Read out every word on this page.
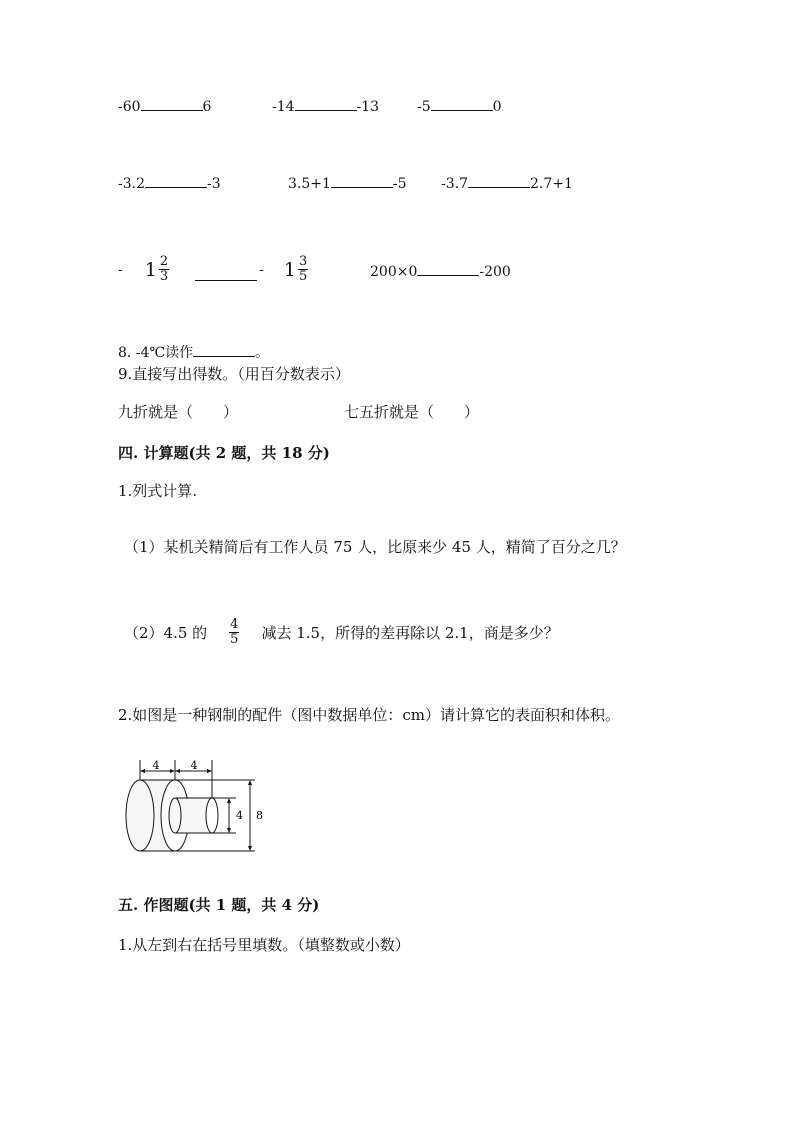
-60	6	-14	-13	-5	0
-3.2	-3	3.5+1	-5 -3.7	2.7+1
- $1 \frac{2}{3}$	- $1 \frac{3}{5}$	200×0	-200
8. -4℃读作	。
9.直接写出得数。（用百分数表示）
九折就是（　　）	七五折就是（　　）
四. 计算题(共 2 题，共 18 分)
1.列式计算.
（1）某机关精简后有工作人员 75 人，比原来少 45 人，精简了百分之几？
（2）4.5 的 $\frac{4}{5}$ 减去 1.5，所得的差再除以 2.1，商是多少？
2.如图是一种钢制的配件（图中数据单位：cm）请计算它的表面积和体积。
4	4
4 8
五. 作图题(共 1 题，共 4 分)
1.从左到右在括号里填数。（填整数或小数）
